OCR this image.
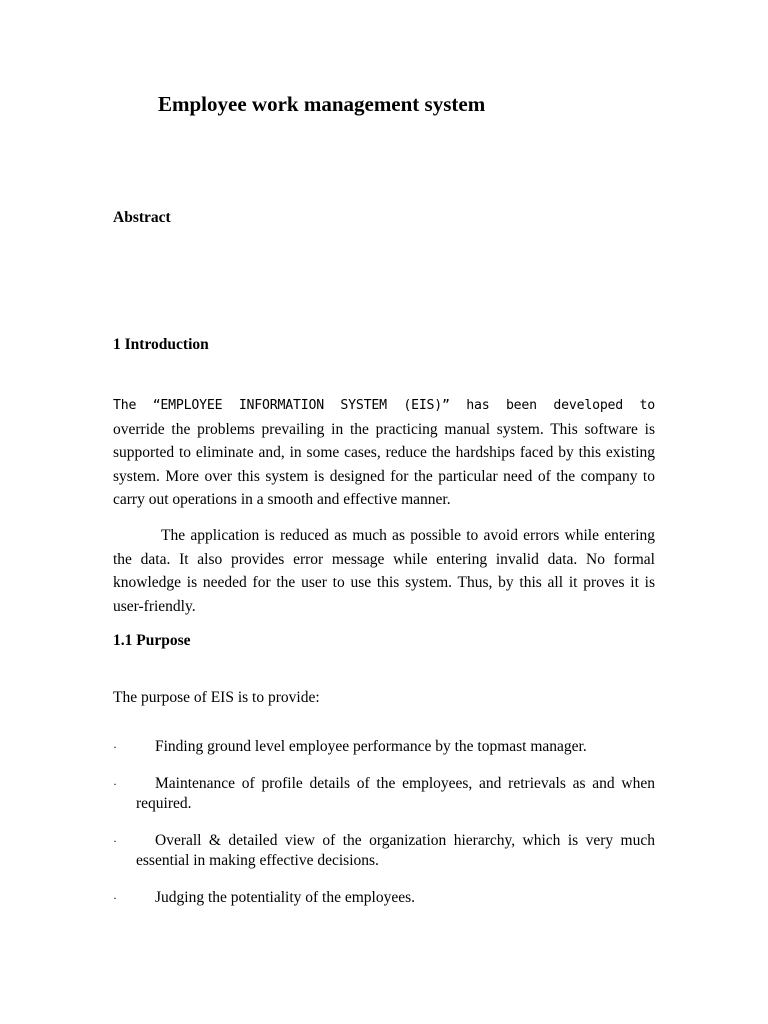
Employee work management system
Abstract
1 Introduction
The “EMPLOYEE INFORMATION SYSTEM (EIS)” has been developed to
override the problems prevailing in the practicing manual system. This software is supported to eliminate and, in some cases, reduce the hardships faced by this existing system. More over this system is designed for the particular need of the company to carry out operations in a smooth and effective manner.
The application is reduced as much as possible to avoid errors while entering the data. It also provides error message while entering invalid data. No formal knowledge is needed for the user to use this system. Thus, by this all it proves it is user-friendly.
1.1 Purpose
The purpose of EIS is to provide:
·	Finding ground level employee performance by the topmast manager.
·	Maintenance of profile details of the employees, and retrievals as and when required.
·	Overall & detailed view of the organization hierarchy, which is very much essential in making effective decisions.
·	Judging the potentiality of the employees.
